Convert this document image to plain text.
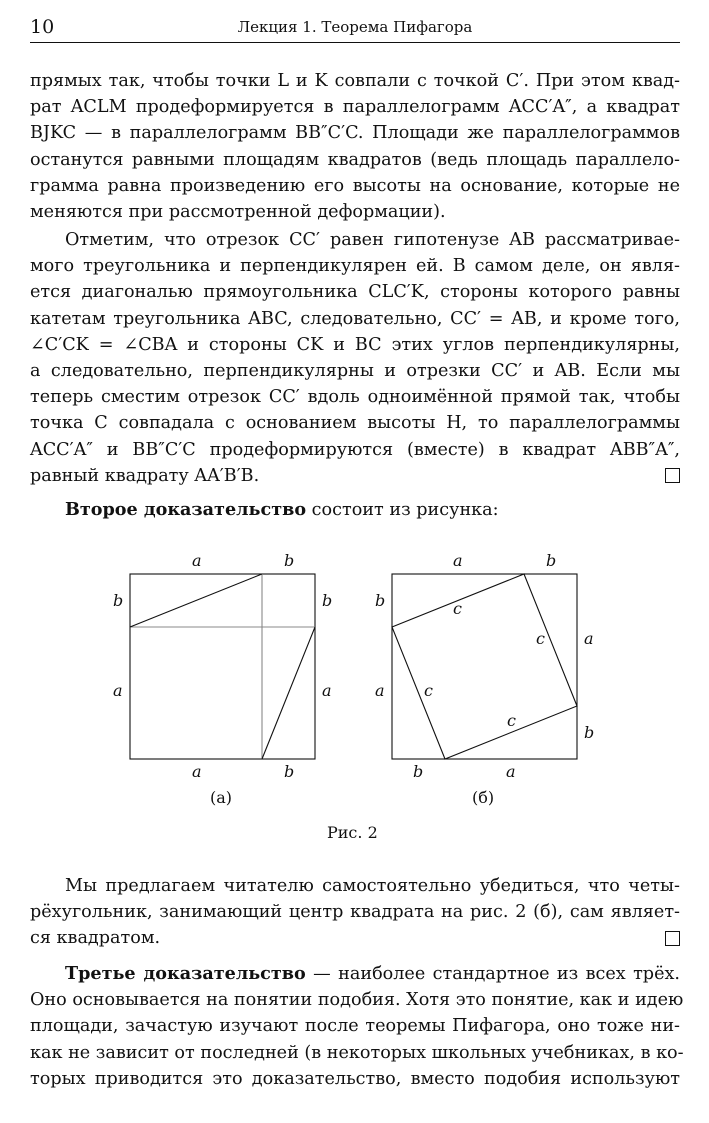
10	Лекция 1. Теорема Пифагора
прямых так, чтобы точки L и K совпали с точкой C′. При этом квад-
рат ACLM продеформируется в параллелограмм ACC′A″, а квадрат
BJKC — в параллелограмм BB″C′C. Площади же параллелограммов
останутся равными площадям квадратов (ведь площадь параллело-
грамма равна произведению его высоты на основание, которые не
меняются при рассмотренной деформации).
Отметим, что отрезок CC′ равен гипотенузе AB рассматривае-
мого треугольника и перпендикулярен ей. В самом деле, он явля-
ется диагональю прямоугольника CLC′K, стороны которого равны
катетам треугольника ABC, следовательно, CC′ = AB, и кроме того,
∠C′CK = ∠CBA и стороны CK и BC этих углов перпендикулярны,
а следовательно, перпендикулярны и отрезки CC′ и AB. Если мы
теперь сместим отрезок CC′ вдоль одноимённой прямой так, чтобы
точка C совпадала с основанием высоты H, то параллелограммы
ACC′A″ и BB″C′C продеформируются (вместе) в квадрат ABB″A″,
равный квадрату AA′B′B.
Второе доказательство состоит из рисунка:
a	b
b	b
a	a
a	b
(а)
a	b
b
a
a
b
b	a
c
c
c
c
(б)
Рис. 2
Мы предлагаем читателю самостоятельно убедиться, что четы-
рёхугольник, занимающий центр квадрата на рис. 2 (б), сам являет-
ся квадратом.
Третье доказательство — наиболее стандартное из всех трёх.
Оно основывается на понятии подобия. Хотя это понятие, как и идею
площади, зачастую изучают после теоремы Пифагора, оно тоже ни-
как не зависит от последней (в некоторых школьных учебниках, в ко-
торых приводится это доказательство, вместо подобия используют
